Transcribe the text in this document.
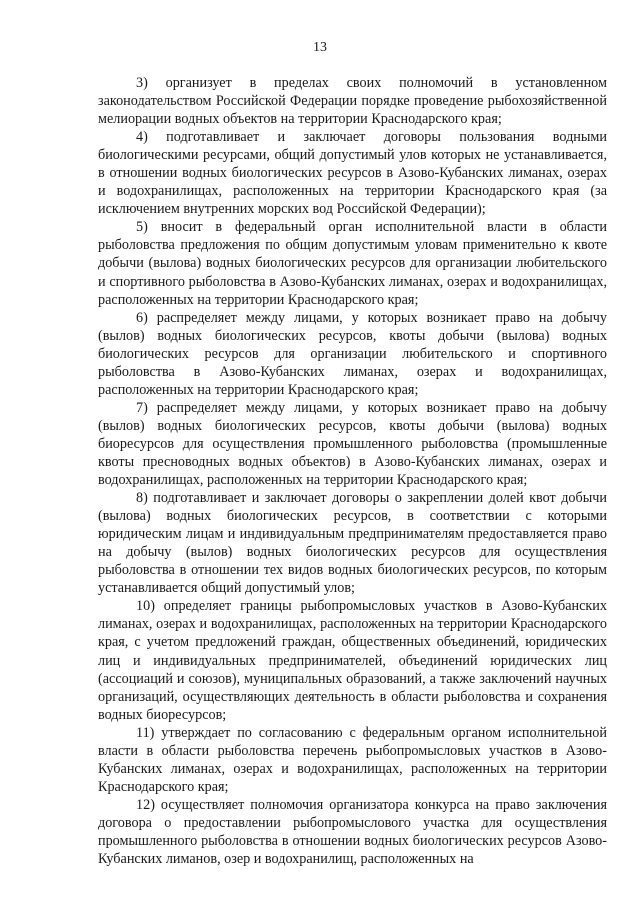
13

3) организует в пределах своих полномочий в установленном законодательством Российской Федерации порядке проведение рыбохозяйственной мелиорации водных объектов на территории Краснодарского края;

4) подготавливает и заключает договоры пользования водными биологическими ресурсами, общий допустимый улов которых не устанавливается, в отношении водных биологических ресурсов в Азово-Кубанских лиманах, озерах и водохранилищах, расположенных на территории Краснодарского края (за исключением внутренних морских вод Российской Федерации);

5) вносит в федеральный орган исполнительной власти в области рыболовства предложения по общим допустимым уловам применительно к квоте добычи (вылова) водных биологических ресурсов для организации любительского и спортивного рыболовства в Азово-Кубанских лиманах, озерах и водохранилищах, расположенных на территории Краснодарского края;

6) распределяет между лицами, у которых возникает право на добычу (вылов) водных биологических ресурсов, квоты добычи (вылова) водных биологических ресурсов для организации любительского и спортивного рыболовства в Азово-Кубанских лиманах, озерах и водохранилищах, расположенных на территории Краснодарского края;

7) распределяет между лицами, у которых возникает право на добычу (вылов) водных биологических ресурсов, квоты добычи (вылова) водных биоресурсов для осуществления промышленного рыболовства (промышленные квоты пресноводных водных объектов) в Азово-Кубанских лиманах, озерах и водохранилищах, расположенных на территории Краснодарского края;

8) подготавливает и заключает договоры о закреплении долей квот добычи (вылова) водных биологических ресурсов, в соответствии с которыми юридическим лицам и индивидуальным предпринимателям предоставляется право на добычу (вылов) водных биологических ресурсов для осуществления рыболовства в отношении тех видов водных биологических ресурсов, по которым устанавливается общий допустимый улов;

10) определяет границы рыбопромысловых участков в Азово-Кубанских лиманах, озерах и водохранилищах, расположенных на территории Краснодарского края, с учетом предложений граждан, общественных объединений, юридических лиц и индивидуальных предпринимателей, объединений юридических лиц (ассоциаций и союзов), муниципальных образований, а также заключений научных организаций, осуществляющих деятельность в области рыболовства и сохранения водных биоресурсов;

11) утверждает по согласованию с федеральным органом исполнительной власти в области рыболовства перечень рыбопромысловых участков в Азово-Кубанских лиманах, озерах и водохранилищах, расположенных на территории Краснодарского края;

12) осуществляет полномочия организатора конкурса на право заключения договора о предоставлении рыбопромыслового участка для осуществления промышленного рыболовства в отношении водных биологических ресурсов Азово-Кубанских лиманов, озер и водохранилищ, расположенных на
